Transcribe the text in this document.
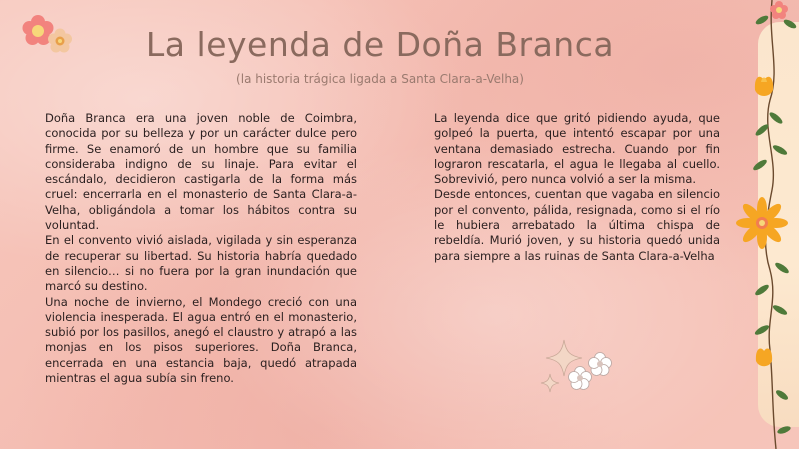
La leyenda de Doña Branca
(la historia trágica ligada a Santa Clara-a-Velha)

Doña Branca era una joven noble de Coimbra, conocida por su belleza y por un carácter dulce pero firme. Se enamoró de un hombre que su familia consideraba indigno de su linaje. Para evitar el escándalo, decidieron castigarla de la forma más cruel: encerrarla en el monasterio de Santa Clara-a-Velha, obligándola a tomar los hábitos contra su voluntad.

En el convento vivió aislada, vigilada y sin esperanza de recuperar su libertad. Su historia habría quedado en silencio… si no fuera por la gran inundación que marcó su destino.

Una noche de invierno, el Mondego creció con una violencia inesperada. El agua entró en el monasterio, subió por los pasillos, anegó el claustro y atrapó a las monjas en los pisos superiores. Doña Branca, encerrada en una estancia baja, quedó atrapada mientras el agua subía sin freno.

La leyenda dice que gritó pidiendo ayuda, que golpeó la puerta, que intentó escapar por una ventana demasiado estrecha. Cuando por fin lograron rescatarla, el agua le llegaba al cuello. Sobrevivió, pero nunca volvió a ser la misma.

Desde entonces, cuentan que vagaba en silencio por el convento, pálida, resignada, como si el río le hubiera arrebatado la última chispa de rebeldía. Murió joven, y su historia quedó unida para siempre a las ruinas de Santa Clara-a-Velha
